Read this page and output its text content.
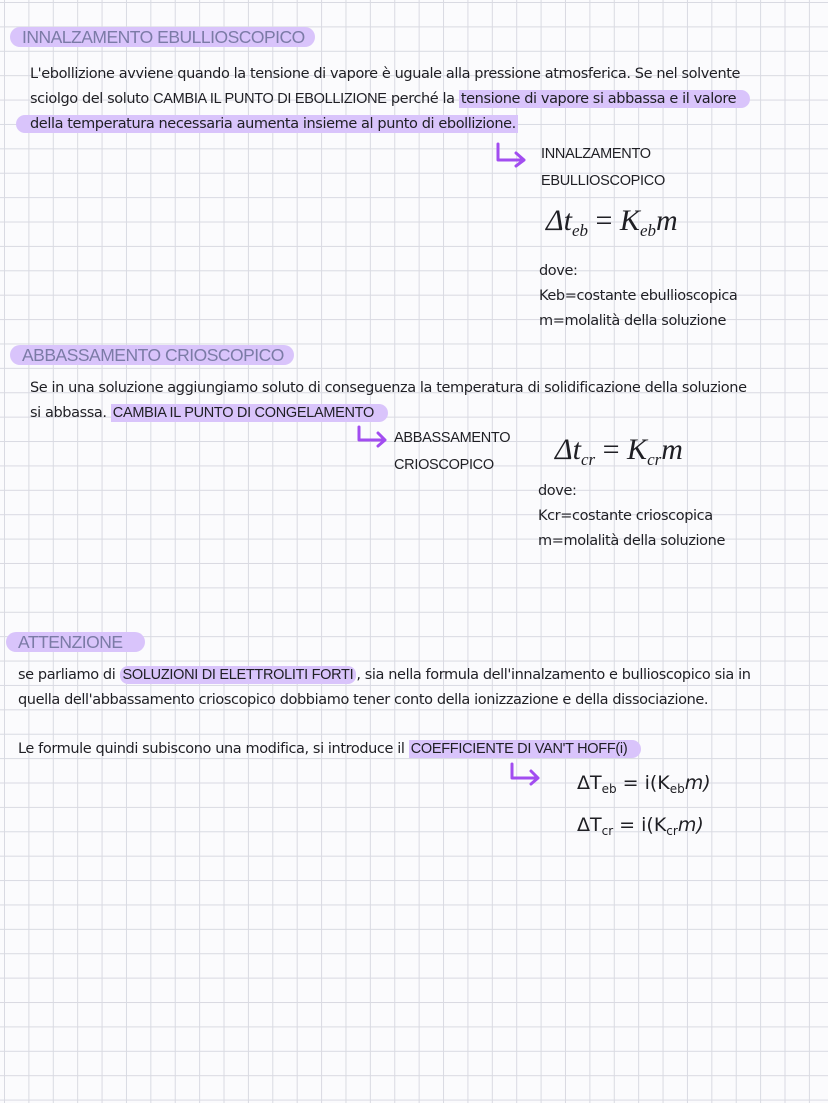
INNALZAMENTO EBULLIOSCOPICO
L'ebollizione avviene quando la tensione di vapore è uguale alla pressione atmosferica. Se nel solvente
sciolgo del soluto CAMBIA IL PUNTO DI EBOLLIZIONE perché la tensione di vapore si abbassa e il valore
della temperatura necessaria aumenta insieme al punto di ebollizione.
INNALZAMENTO
EBULLIOSCOPICO
$\Delta t_{eb} = K_{eb}m$
dove:
Keb=costante ebullioscopica
m=molalità della soluzione
ABBASSAMENTO CRIOSCOPICO
Se in una soluzione aggiungiamo soluto di conseguenza la temperatura di solidificazione della soluzione
si abbassa. CAMBIA IL PUNTO DI CONGELAMENTO
ABBASSAMENTO
CRIOSCOPICO	$\Delta t_{cr} = K_{cr}m$
dove:
Kcr=costante crioscopica
m=molalità della soluzione
ATTENZIONE
se parliamo di SOLUZIONI DI ELETTROLITI FORTI , sia nella formula dell'innalzamento e bullioscopico sia in
quella dell'abbassamento crioscopico dobbiamo tener conto della ionizzazione e della dissociazione.
Le formule quindi subiscono una modifica, si introduce il COEFFICIENTE DI VAN'T HOFF(i)
$\Delta T_{eb} = i(K_{eb}m)$
$\Delta T_{cr} = i(K_{cr}m)$
